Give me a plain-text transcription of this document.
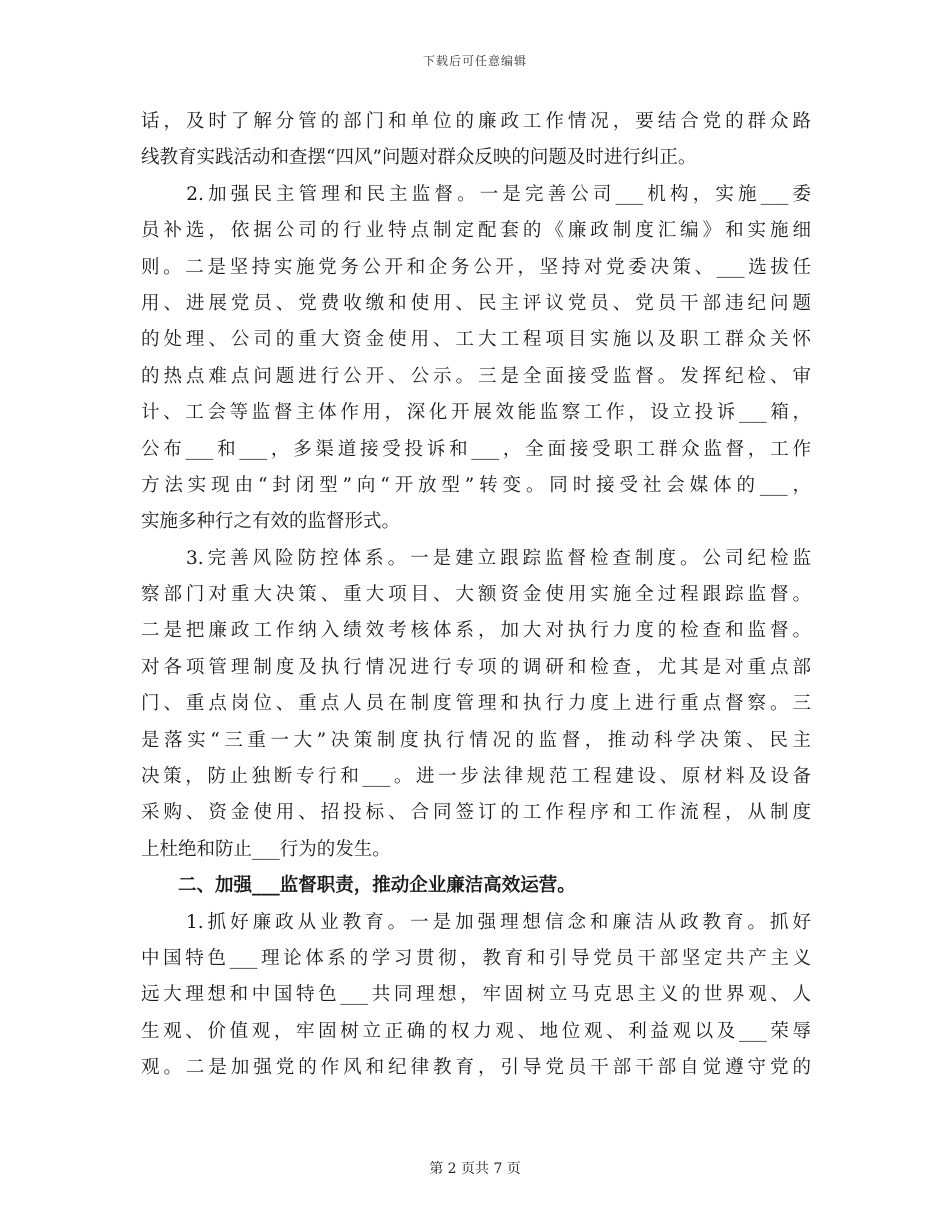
下载后可任意编辑
话，及时了解分管的部门和单位的廉政工作情况，要结合党的群众路
线教育实践活动和查摆“四风”问题对群众反映的问题及时进行纠正。
　　2.加强民主管理和民主监督。一是完善公司___机构，实施___委
员补选，依据公司的行业特点制定配套的《廉政制度汇编》和实施细
则。二是坚持实施党务公开和企务公开，坚持对党委决策、___选拔任
用、进展党员、党费收缴和使用、民主评议党员、党员干部违纪问题
的处理、公司的重大资金使用、工大工程项目实施以及职工群众关怀
的热点难点问题进行公开、公示。三是全面接受监督。发挥纪检、审
计、工会等监督主体作用，深化开展效能监察工作，设立投诉___箱，
公布___和___，多渠道接受投诉和___，全面接受职工群众监督，工作
方法实现由“封闭型”向“开放型”转变。同时接受社会媒体的___，
实施多种行之有效的监督形式。
　　3.完善风险防控体系。一是建立跟踪监督检查制度。公司纪检监
察部门对重大决策、重大项目、大额资金使用实施全过程跟踪监督。
二是把廉政工作纳入绩效考核体系，加大对执行力度的检查和监督。
对各项管理制度及执行情况进行专项的调研和检查，尤其是对重点部
门、重点岗位、重点人员在制度管理和执行力度上进行重点督察。三
是落实“三重一大”决策制度执行情况的监督，推动科学决策、民主
决策，防止独断专行和___。进一步法律规范工程建设、原材料及设备
采购、资金使用、招投标、合同签订的工作程序和工作流程，从制度
上杜绝和防止___行为的发生。
　　二、加强___监督职责，推动企业廉洁高效运营。
　　1.抓好廉政从业教育。一是加强理想信念和廉洁从政教育。抓好
中国特色___理论体系的学习贯彻，教育和引导党员干部坚定共产主义
远大理想和中国特色___共同理想，牢固树立马克思主义的世界观、人
生观、价值观，牢固树立正确的权力观、地位观、利益观以及___荣辱
观。二是加强党的作风和纪律教育，引导党员干部干部自觉遵守党的
第 2 页共 7 页
